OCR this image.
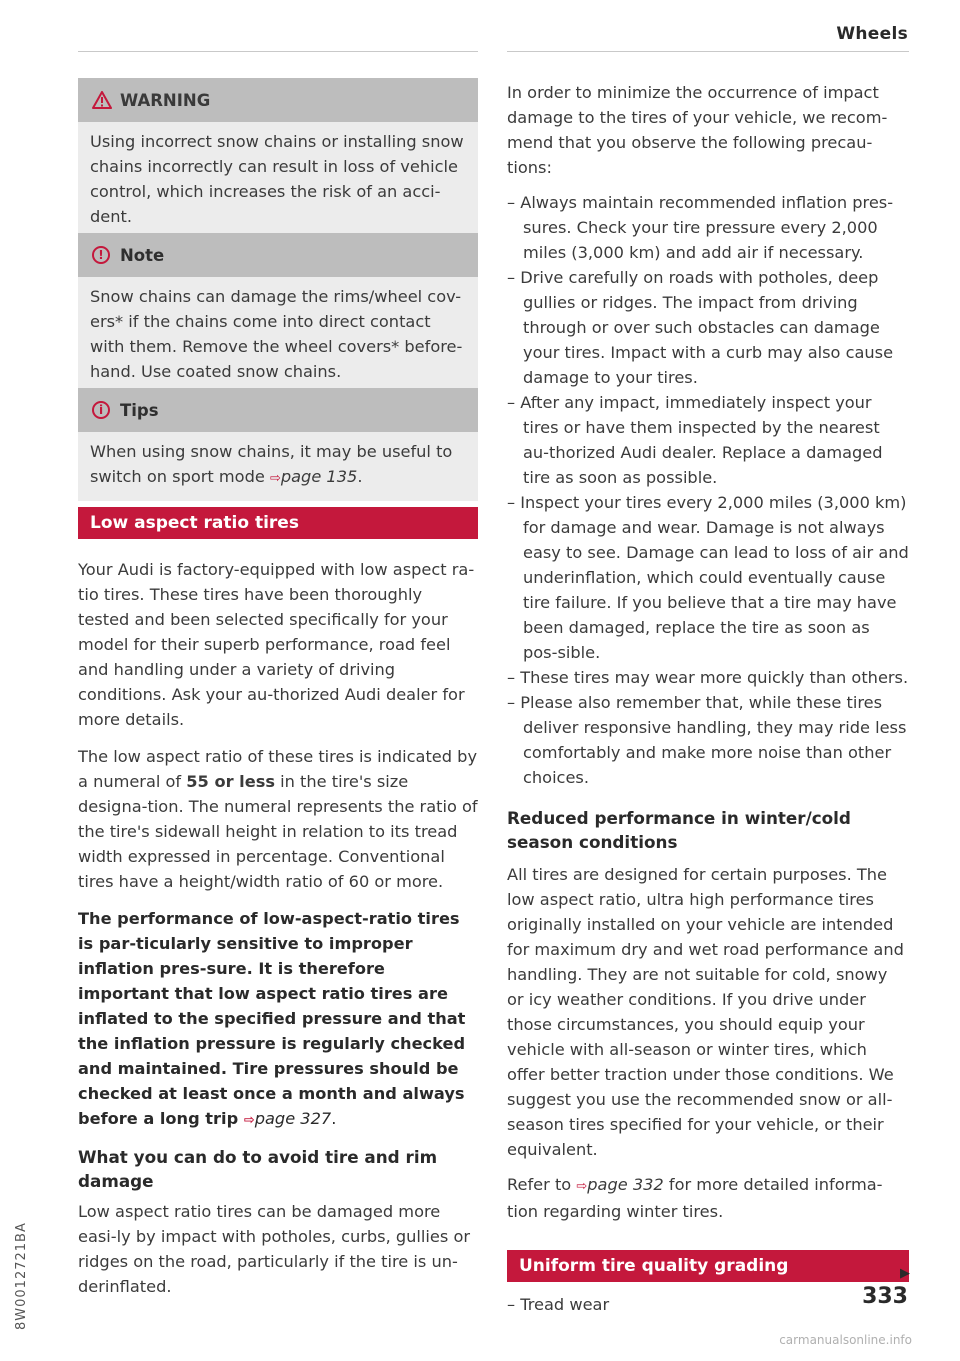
Wheels
WARNING

Using incorrect snow chains or installing snow chains incorrectly can result in loss of vehicle control, which increases the risk of an acci-dent.

! Note

Snow chains can damage the rims/wheel cov-ers* if the chains come into direct contact with them. Remove the wheel covers* before-hand. Use coated snow chains.

i	Tips

When using snow chains, it may be useful to switch on sport mode ⇨page 135.

Low aspect ratio tires

Your Audi is factory-equipped with low aspect ra-tio tires. These tires have been thoroughly tested and been selected specifically for your model for their superb performance, road feel and handling under a variety of driving conditions. Ask your au-thorized Audi dealer for more details.

The low aspect ratio of these tires is indicated by a numeral of 55 or less in the tire's size designa-tion. The numeral represents the ratio of the tire's sidewall height in relation to its tread width expressed in percentage. Conventional tires have a height/width ratio of 60 or more.

The performance of low-aspect-ratio tires is par-ticularly sensitive to improper inflation pres-sure. It is therefore important that low aspect ratio tires are inflated to the specified pressure and that the inflation pressure is regularly checked and maintained. Tire pressures should be checked at least once a month and always before a long trip ⇨page 327.

What you can do to avoid tire and rim damage

Low aspect ratio tires can be damaged more easi-ly by impact with potholes, curbs, gullies or ridges on the road, particularly if the tire is un-derinflated.

In order to minimize the occurrence of impact damage to the tires of your vehicle, we recom-mend that you observe the following precau-tions:

– Always maintain recommended inflation pres-sures. Check your tire pressure every 2,000 miles (3,000 km) and add air if necessary.
– Drive carefully on roads with potholes, deep gullies or ridges. The impact from driving through or over such obstacles can damage your tires. Impact with a curb may also cause damage to your tires.
– After any impact, immediately inspect your tires or have them inspected by the nearest au-thorized Audi dealer. Replace a damaged tire as soon as possible.
– Inspect your tires every 2,000 miles (3,000 km) for damage and wear. Damage is not always easy to see. Damage can lead to loss of air and underinflation, which could eventually cause tire failure. If you believe that a tire may have been damaged, replace the tire as soon as pos-sible.
– These tires may wear more quickly than others.
– Please also remember that, while these tires deliver responsive handling, they may ride less comfortably and make more noise than other choices.

Reduced performance in winter/cold season conditions

All tires are designed for certain purposes. The low aspect ratio, ultra high performance tires originally installed on your vehicle are intended for maximum dry and wet road performance and handling. They are not suitable for cold, snowy or icy weather conditions. If you drive under those circumstances, you should equip your vehicle with all-season or winter tires, which offer better traction under those conditions. We suggest you use the recommended snow or all-season tires specified for your vehicle, or their equivalent.

Refer to ⇨page 332 for more detailed informa-tion regarding winter tires.

Uniform tire quality grading
– Tread wear
▶
333
8W0012721BA
carmanualsonline.info
